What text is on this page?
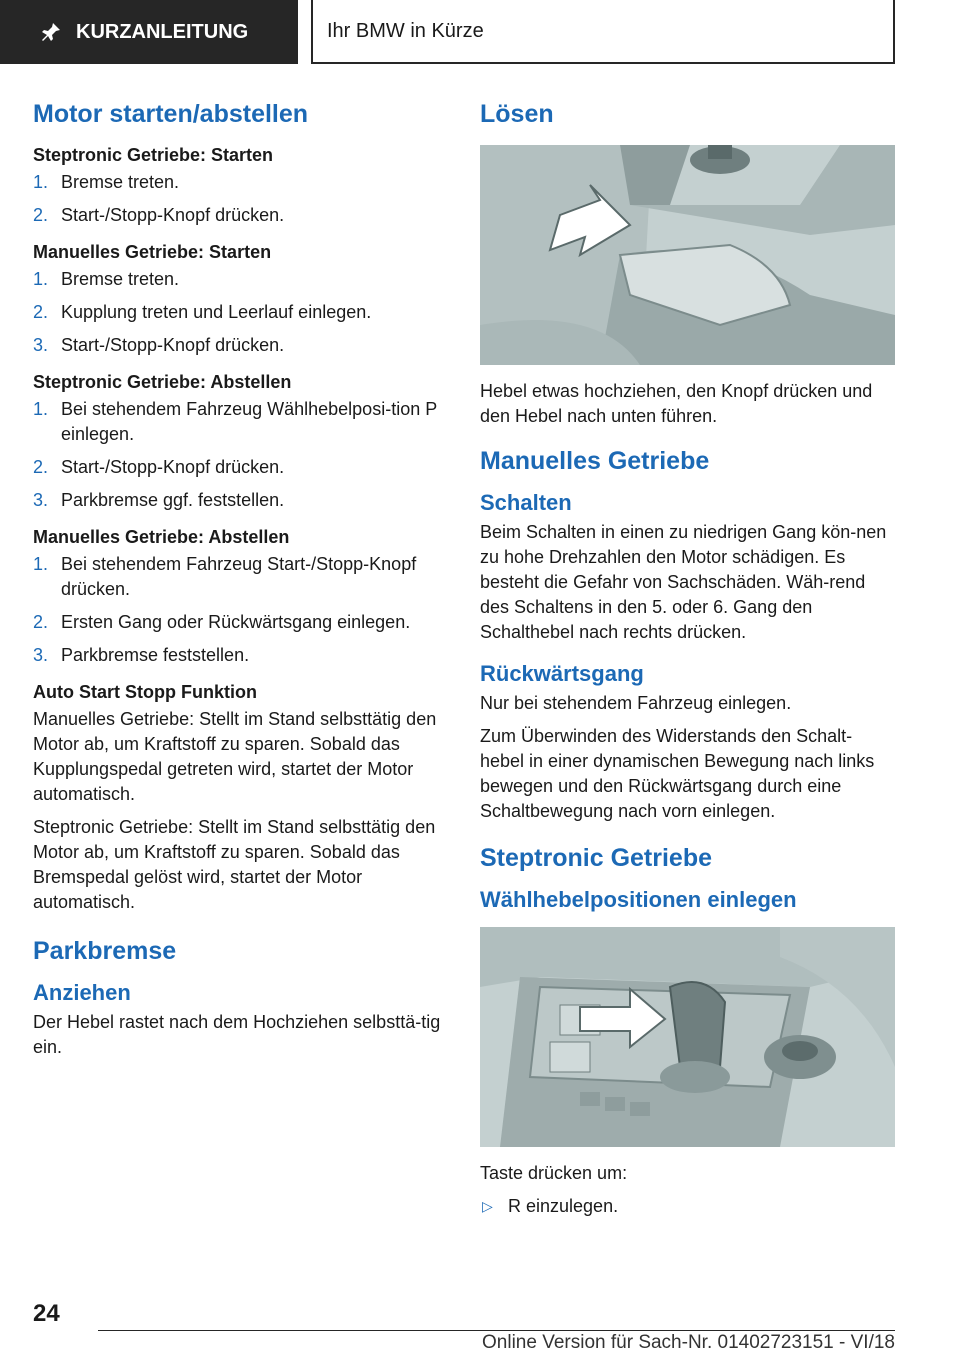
KURZANLEITUNG	Ihr BMW in Kürze
Motor starten/abstellen
Steptronic Getriebe: Starten
1. Bremse treten.
2. Start-/Stopp-Knopf drücken.
Manuelles Getriebe: Starten
1. Bremse treten.
2. Kupplung treten und Leerlauf einlegen.
3. Start-/Stopp-Knopf drücken.
Steptronic Getriebe: Abstellen
1. Bei stehendem Fahrzeug Wählhebelposi-tion P einlegen.
2. Start-/Stopp-Knopf drücken.
3. Parkbremse ggf. feststellen.
Manuelles Getriebe: Abstellen
1. Bei stehendem Fahrzeug Start-/Stopp-Knopf drücken.
2. Ersten Gang oder Rückwärtsgang einlegen.
3. Parkbremse feststellen.
Auto Start Stopp Funktion

Manuelles Getriebe: Stellt im Stand selbsttätig den Motor ab, um Kraftstoff zu sparen. Sobald das Kupplungspedal getreten wird, startet der Motor automatisch.

Steptronic Getriebe: Stellt im Stand selbsttätig den Motor ab, um Kraftstoff zu sparen. Sobald das Bremspedal gelöst wird, startet der Motor automatisch.

Parkbremse
Anziehen

Der Hebel rastet nach dem Hochziehen selbsttä-tig ein.

Lösen

Hebel etwas hochziehen, den Knopf drücken und den Hebel nach unten führen.

Manuelles Getriebe
Schalten

Beim Schalten in einen zu niedrigen Gang kön-nen zu hohe Drehzahlen den Motor schädigen. Es besteht die Gefahr von Sachschäden. Wäh-rend des Schaltens in den 5. oder 6. Gang den Schalthebel nach rechts drücken.

Rückwärtsgang

Nur bei stehendem Fahrzeug einlegen.

Zum Überwinden des Widerstands den Schalt-hebel in einer dynamischen Bewegung nach links bewegen und den Rückwärtsgang durch eine Schaltbewegung nach vorn einlegen.

Steptronic Getriebe
Wählhebelpositionen einlegen

Taste drücken um:

▷ R einzulegen.
24
Online Version für Sach-Nr. 01402723151 - VI/18
